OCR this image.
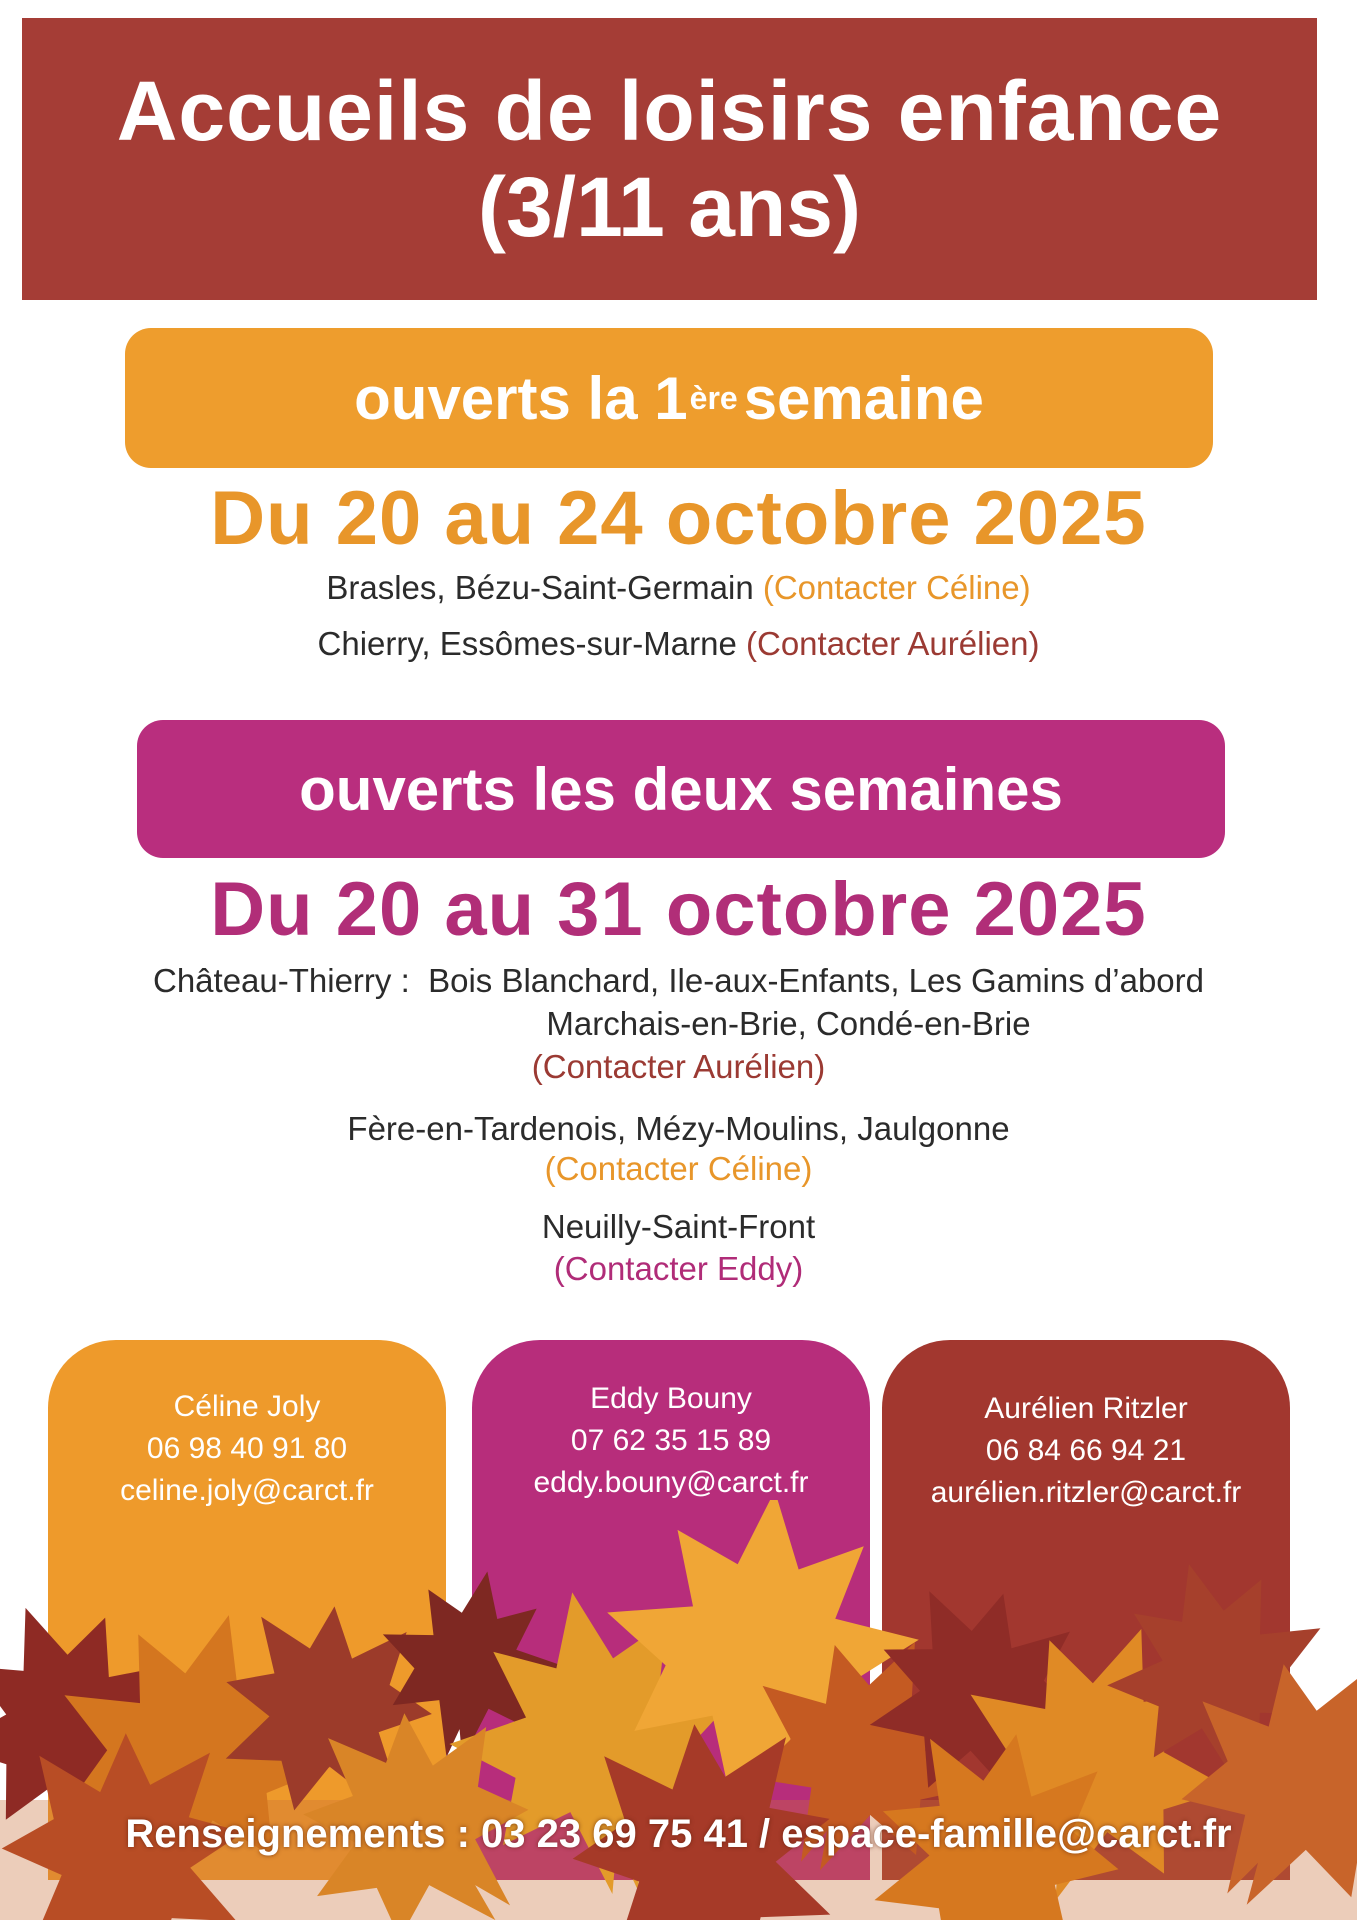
Accueils de loisirs enfance
(3/11 ans)
ouverts la 1 ère semaine
Du 20 au 24 octobre 2025
Brasles, Bézu-Saint-Germain (Contacter Céline)
Chierry, Essômes-sur-Marne (Contacter Aurélien)
ouverts les deux semaines
Du 20 au 31 octobre 2025
Château-Thierry : Bois Blanchard, Ile-aux-Enfants, Les Gamins d’abord
Marchais-en-Brie, Condé-en-Brie
(Contacter Aurélien)
Fère-en-Tardenois, Mézy-Moulins, Jaulgonne
(Contacter Céline)
Neuilly-Saint-Front
(Contacter Eddy)
Céline Joly
06 98 40 91 80
celine.joly@carct.fr
Eddy Bouny
07 62 35 15 89
eddy.bouny@carct.fr
Aurélien Ritzler
06 84 66 94 21
aurélien.ritzler@carct.fr
Renseignements : 03 23 69 75 41 / espace-famille@carct.fr
